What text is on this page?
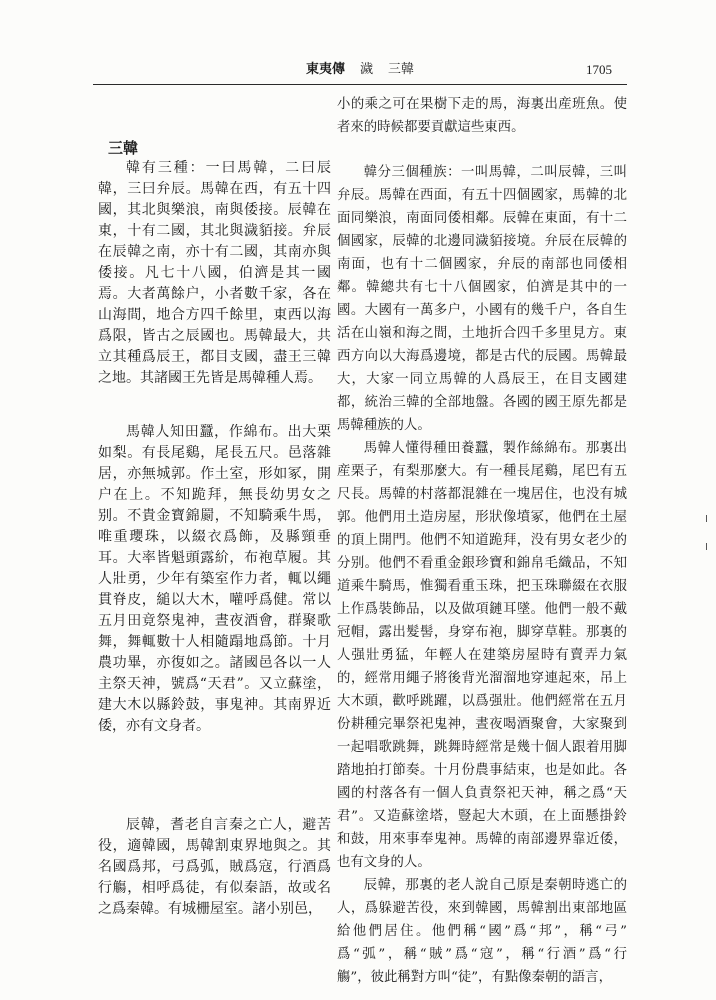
東夷傳 濊 三韓	1705
三韓
韓有三種：一曰馬韓，二曰辰
韓，三曰弁辰。馬韓在西，有五十四
國，其北與樂浪，南與倭接。辰韓在
東，十有二國，其北與濊貊接。弁辰
在辰韓之南，亦十有二國，其南亦與
倭接。凡七十八國，伯濟是其一國
焉。大者萬餘户，小者數千家，各在
山海間，地合方四千餘里，東西以海
爲限，皆古之辰國也。馬韓最大，共
立其種爲辰王，都目支國，盡王三韓
之地。其諸國王先皆是馬韓種人焉。
馬韓人知田蠶，作綿布。出大栗
如梨。有長尾鷄，尾長五尺。邑落雜
居，亦無城郭。作土室，形如冢，開
户在上。不知跪拜，無長幼男女之
别。不貴金寶錦罽，不知騎乘牛馬，
唯重瓔珠，以綴衣爲飾，及縣頸垂
耳。大率皆魁頭露紒，布袍草履。其
人壯勇，少年有築室作力者，輒以繩
貫脊皮，縋以大木，嚾呼爲健。常以
五月田竟祭鬼神，晝夜酒會，群聚歌
舞，舞輒數十人相隨蹋地爲節。十月
農功畢，亦復如之。諸國邑各以一人
主祭天神，號爲“天君”。又立蘇塗，
建大木以縣鈴鼓，事鬼神。其南界近
倭，亦有文身者。
辰韓，耆老自言秦之亡人，避苦
役，適韓國，馬韓割東界地與之。其
名國爲邦，弓爲弧，賊爲寇，行酒爲
行觴，相呼爲徒，有似秦語，故或名
之爲秦韓。有城栅屋室。諸小别邑，
小的乘之可在果樹下走的馬，海裏出産班魚。使
者來的時候都要貢獻這些東西。
韓分三個種族：一叫馬韓，二叫辰韓，三叫
弁辰。馬韓在西面，有五十四個國家，馬韓的北
面同樂浪，南面同倭相鄰。辰韓在東面，有十二
個國家，辰韓的北邊同濊貊接境。弁辰在辰韓的
南面，也有十二個國家，弁辰的南部也同倭相
鄰。韓總共有七十八個國家，伯濟是其中的一
國。大國有一萬多户，小國有的幾千户，各自生
活在山嶺和海之間，土地折合四千多里見方。東
西方向以大海爲邊境，都是古代的辰國。馬韓最
大，大家一同立馬韓的人爲辰王，在目支國建
都，統治三韓的全部地盤。各國的國王原先都是
馬韓種族的人。
馬韓人懂得種田養蠶，製作絲綿布。那裏出
産栗子，有梨那麼大。有一種長尾鷄，尾巴有五
尺長。馬韓的村落都混雜在一塊居住，也没有城
郭。他們用土造房屋，形狀像墳冢，他們在土屋
的頂上開門。他們不知道跪拜，没有男女老少的
分别。他們不看重金銀珍寶和錦帛毛織品，不知
道乘牛騎馬，惟獨看重玉珠，把玉珠聯綴在衣服
上作爲裝飾品，以及做項鏈耳墜。他們一般不戴
冠帽，露出髮髻，身穿布袍，脚穿草鞋。那裏的
人强壯勇猛，年輕人在建築房屋時有賣弄力氣
的，經常用繩子將後背光溜溜地穿連起來，吊上
大木頭，歡呼跳躍，以爲强壯。他們經常在五月
份耕種完畢祭祀鬼神，晝夜喝酒聚會，大家聚到
一起唱歌跳舞，跳舞時經常是幾十個人跟着用脚
踏地拍打節奏。十月份農事結束，也是如此。各
國的村落各有一個人負責祭祀天神，稱之爲“天
君”。又造蘇塗塔，豎起大木頭，在上面懸掛鈴
和鼓，用來事奉鬼神。馬韓的南部邊界靠近倭，
也有文身的人。
辰韓，那裏的老人說自己原是秦朝時逃亡的
人，爲躲避苦役，來到韓國，馬韓割出東部地區
給他們居住。他們稱“國”爲“邦”，稱“弓”
爲“弧”，稱“賊”爲“寇”，稱“行酒”爲“行
觴”，彼此稱對方叫“徒”，有點像秦朝的語言，
